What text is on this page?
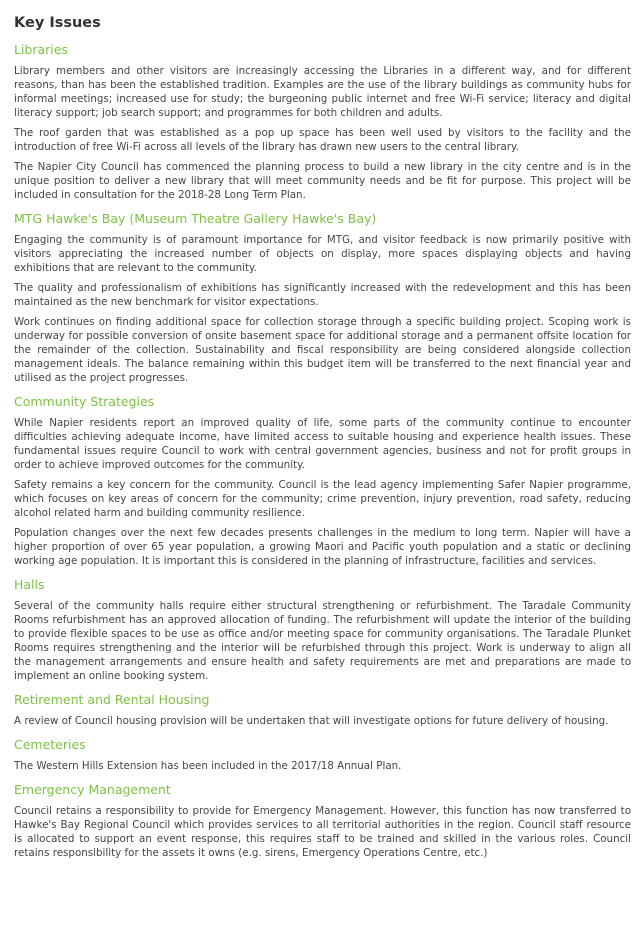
Key Issues
Libraries

Library members and other visitors are increasingly accessing the Libraries in a different way, and for different reasons, than has been the established tradition. Examples are the use of the library buildings as community hubs for informal meetings; increased use for study; the burgeoning public internet and free Wi-Fi service; literacy and digital literacy support; job search support; and programmes for both children and adults.

The roof garden that was established as a pop up space has been well used by visitors to the facility and the introduction of free Wi-Fi across all levels of the library has drawn new users to the central library.

The Napier City Council has commenced the planning process to build a new library in the city centre and is in the unique position to deliver a new library that will meet community needs and be fit for purpose. This project will be included in consultation for the 2018-28 Long Term Plan.

MTG Hawke's Bay (Museum Theatre Gallery Hawke's Bay)

Engaging the community is of paramount importance for MTG, and visitor feedback is now primarily positive with visitors appreciating the increased number of objects on display, more spaces displaying objects and having exhibitions that are relevant to the community.

The quality and professionalism of exhibitions has significantly increased with the redevelopment and this has been maintained as the new benchmark for visitor expectations.

Work continues on finding additional space for collection storage through a specific building project. Scoping work is underway for possible conversion of onsite basement space for additional storage and a permanent offsite location for the remainder of the collection. Sustainability and fiscal responsibility are being considered alongside collection management ideals. The balance remaining within this budget item will be transferred to the next financial year and utilised as the project progresses.

Community Strategies

While Napier residents report an improved quality of life, some parts of the community continue to encounter difficulties achieving adequate income, have limited access to suitable housing and experience health issues. These fundamental issues require Council to work with central government agencies, business and not for profit groups in order to achieve improved outcomes for the community.

Safety remains a key concern for the community. Council is the lead agency implementing Safer Napier programme, which focuses on key areas of concern for the community; crime prevention, injury prevention, road safety, reducing alcohol related harm and building community resilience.

Population changes over the next few decades presents challenges in the medium to long term. Napier will have a higher proportion of over 65 year population, a growing Maori and Pacific youth population and a static or declining working age population. It is important this is considered in the planning of infrastructure, facilities and services.

Halls

Several of the community halls require either structural strengthening or refurbishment. The Taradale Community Rooms refurbishment has an approved allocation of funding. The refurbishment will update the interior of the building to provide flexible spaces to be use as office and/or meeting space for community organisations. The Taradale Plunket Rooms requires strengthening and the interior will be refurbished through this project. Work is underway to align all the management arrangements and ensure health and safety requirements are met and preparations are made to implement an online booking system.

Retirement and Rental Housing

A review of Council housing provision will be undertaken that will investigate options for future delivery of housing.

Cemeteries

The Western Hills Extension has been included in the 2017/18 Annual Plan.

Emergency Management

Council retains a responsibility to provide for Emergency Management. However, this function has now transferred to Hawke's Bay Regional Council which provides services to all territorial authorities in the region. Council staff resource is allocated to support an event response, this requires staff to be trained and skilled in the various roles. Council retains responsibility for the assets it owns (e.g. sirens, Emergency Operations Centre, etc.)
